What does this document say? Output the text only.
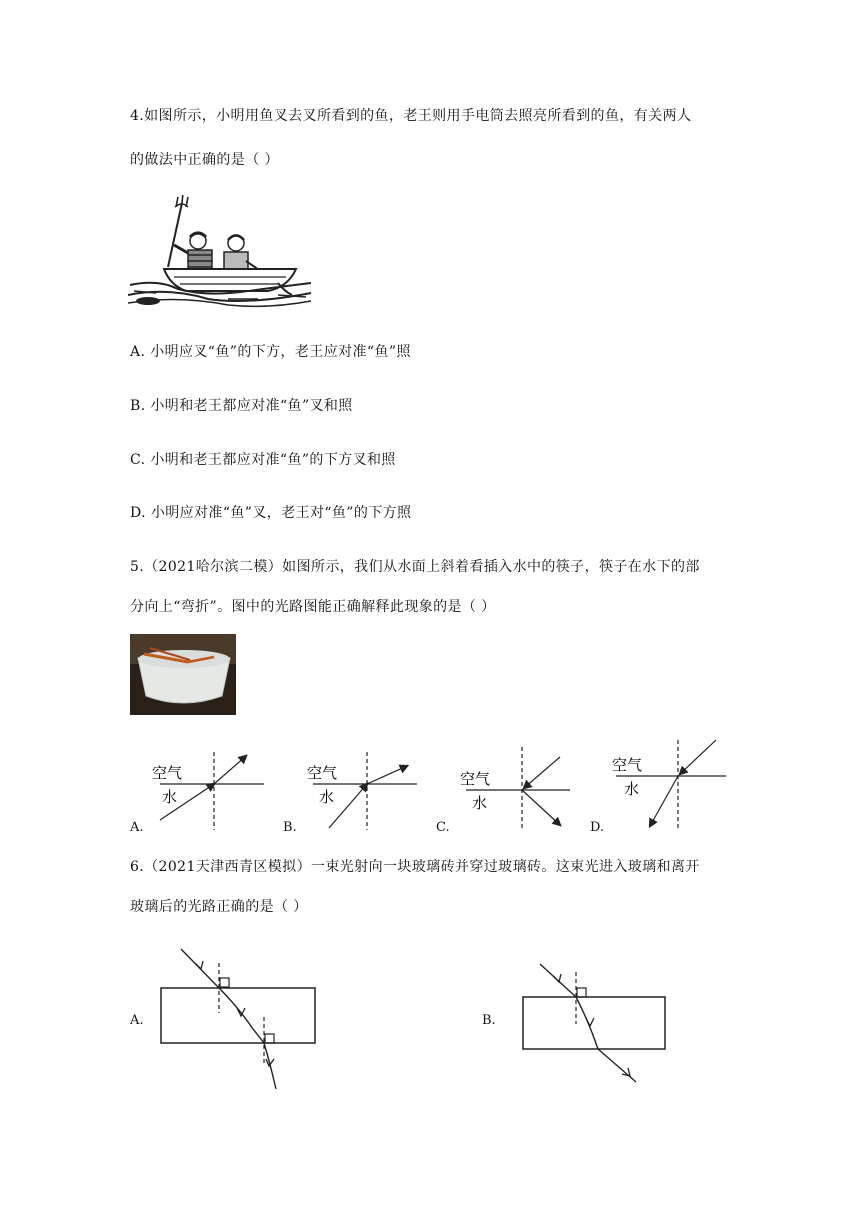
4.如图所示，小明用鱼叉去叉所看到的鱼，老王则用手电筒去照亮所看到的鱼，有关两人
的做法中正确的是（ ）
A. 小明应叉“鱼”的下方，老王应对准“鱼”照
B. 小明和老王都应对准“鱼”叉和照
C. 小明和老王都应对准“鱼”的下方叉和照
D. 小明应对准“鱼”叉，老王对“鱼”的下方照
5.（2021哈尔滨二模）如图所示，我们从水面上斜着看插入水中的筷子，筷子在水下的部
分向上“弯折”。图中的光路图能正确解释此现象的是（ ）
空气
水
A.
空气
水
B.
空气
水
C.
空气
水
D.
6.（2021天津西青区模拟）一束光射向一块玻璃砖并穿过玻璃砖。这束光进入玻璃和离开
玻璃后的光路正确的是（ ）
A.	B.
